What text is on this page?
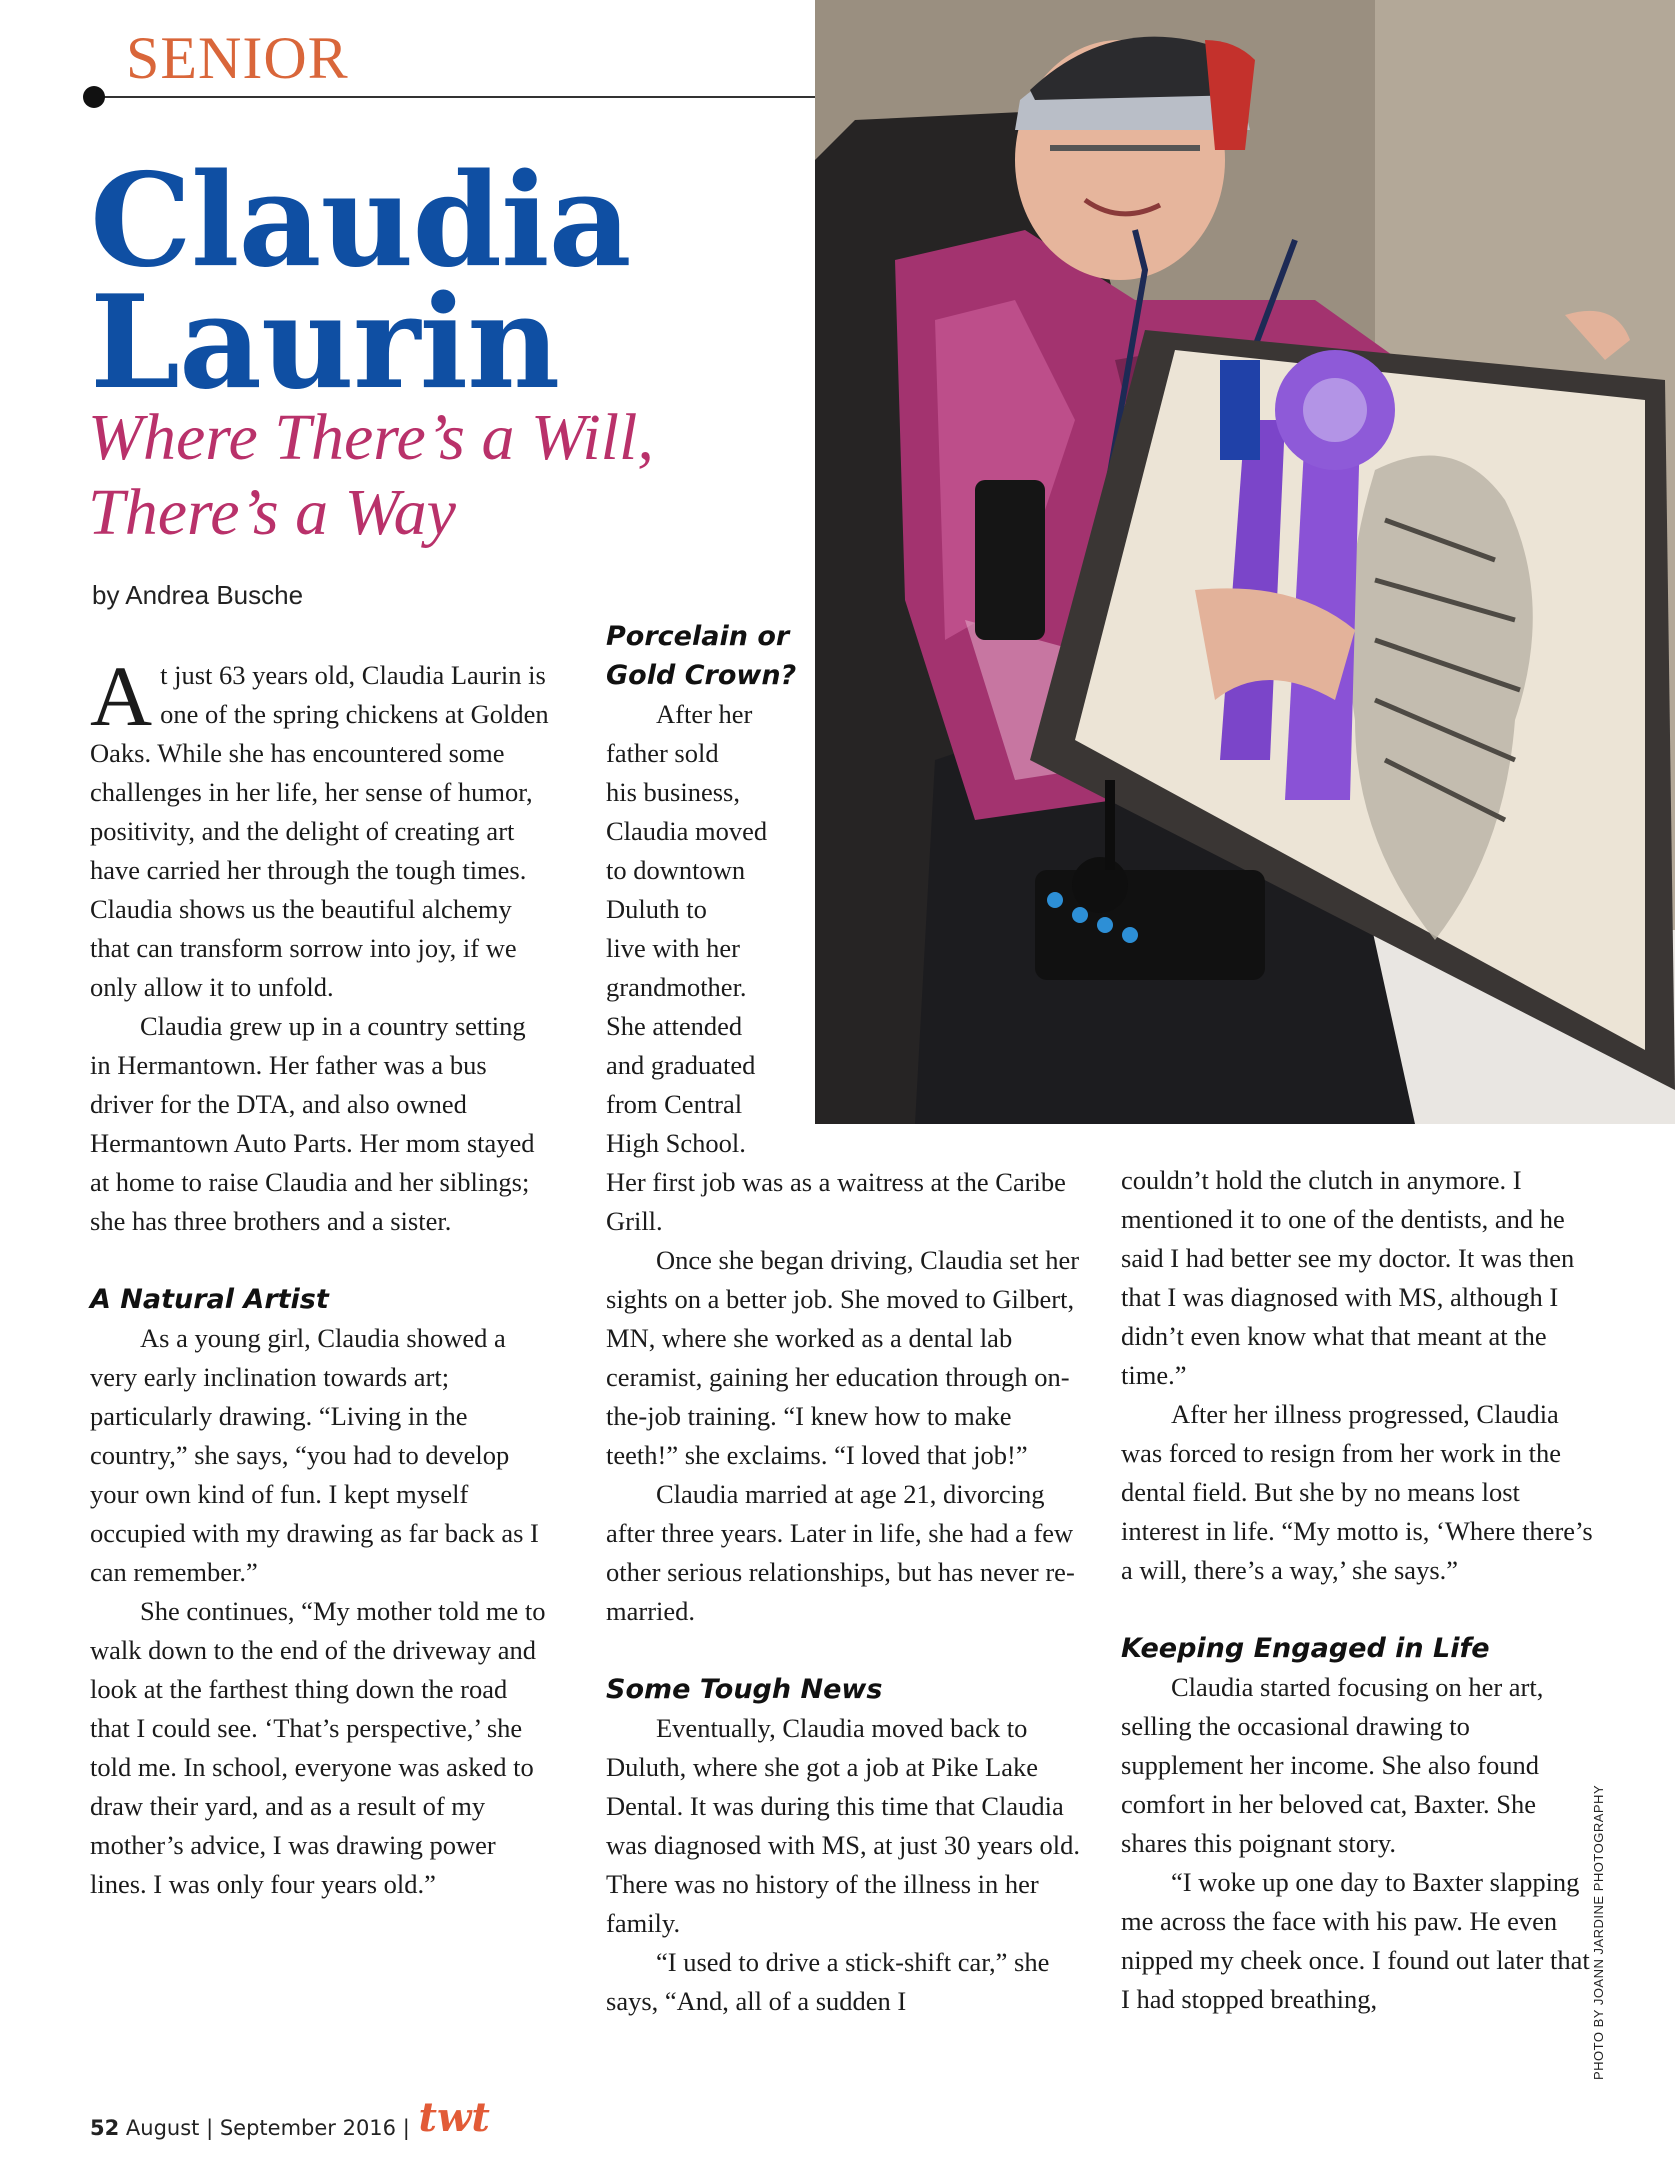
SENIOR
Claudia
Laurin
Where There’s a Will,
There’s a Way
by Andrea Busche

At just 63 years old, Claudia Laurin is one of the spring chickens at Golden Oaks. While she has encountered some challenges in her life, her sense of humor, positivity, and the delight of creating art have carried her through the tough times. Claudia shows us the beautiful alchemy that can transform sorrow into joy, if we only allow it to unfold.

Claudia grew up in a country setting in Hermantown. Her father was a bus driver for the DTA, and also owned Hermantown Auto Parts. Her mom stayed at home to raise Claudia and her siblings; she has three brothers and a sister.

A Natural Artist

As a young girl, Claudia showed a very early inclination towards art; particularly drawing. “Living in the country,” she says, “you had to develop your own kind of fun. I kept myself occupied with my drawing as far back as I can remember.”

She continues, “My mother told me to walk down to the end of the driveway and look at the farthest thing down the road that I could see. ‘That’s perspective,’ she told me. In school, everyone was asked to draw their yard, and as a result of my mother’s advice, I was drawing power lines. I was only four years old.”

Porcelain or
Gold Crown?
After her
father sold
his business,
Claudia moved
to downtown
Duluth to
live with her
grandmother.
She attended
and graduated
from Central
High School.

Her first job was as a waitress at the Caribe Grill.

Once she began driving, Claudia set her sights on a better job. She moved to Gilbert, MN, where she worked as a dental lab ceramist, gaining her education through on-the-job training. “I knew how to make teeth!” she exclaims. “I loved that job!”

Claudia married at age 21, divorcing after three years. Later in life, she had a few other serious relationships, but has never re-married.

Some Tough News

Eventually, Claudia moved back to Duluth, where she got a job at Pike Lake Dental. It was during this time that Claudia was diagnosed with MS, at just 30 years old. There was no history of the illness in her family.

“I used to drive a stick-shift car,” she says, “And, all of a sudden I

couldn’t hold the clutch in anymore. I mentioned it to one of the dentists, and he said I had better see my doctor. It was then that I was diagnosed with MS, although I didn’t even know what that meant at the time.”

After her illness progressed, Claudia was forced to resign from her work in the dental field. But she by no means lost interest in life. “My motto is, ‘Where there’s a will, there’s a way,’ she says.”

Keeping Engaged in Life

Claudia started focusing on her art, selling the occasional drawing to supplement her income. She also found comfort in her beloved cat, Baxter. She shares this poignant story.

“I woke up one day to Baxter slapping me across the face with his paw. He even nipped my cheek once. I found out later that I had stopped breathing,	PHOTO BY JOANN JARDINE PHOTOGRAPHY
52 August | September 2016 | twt
